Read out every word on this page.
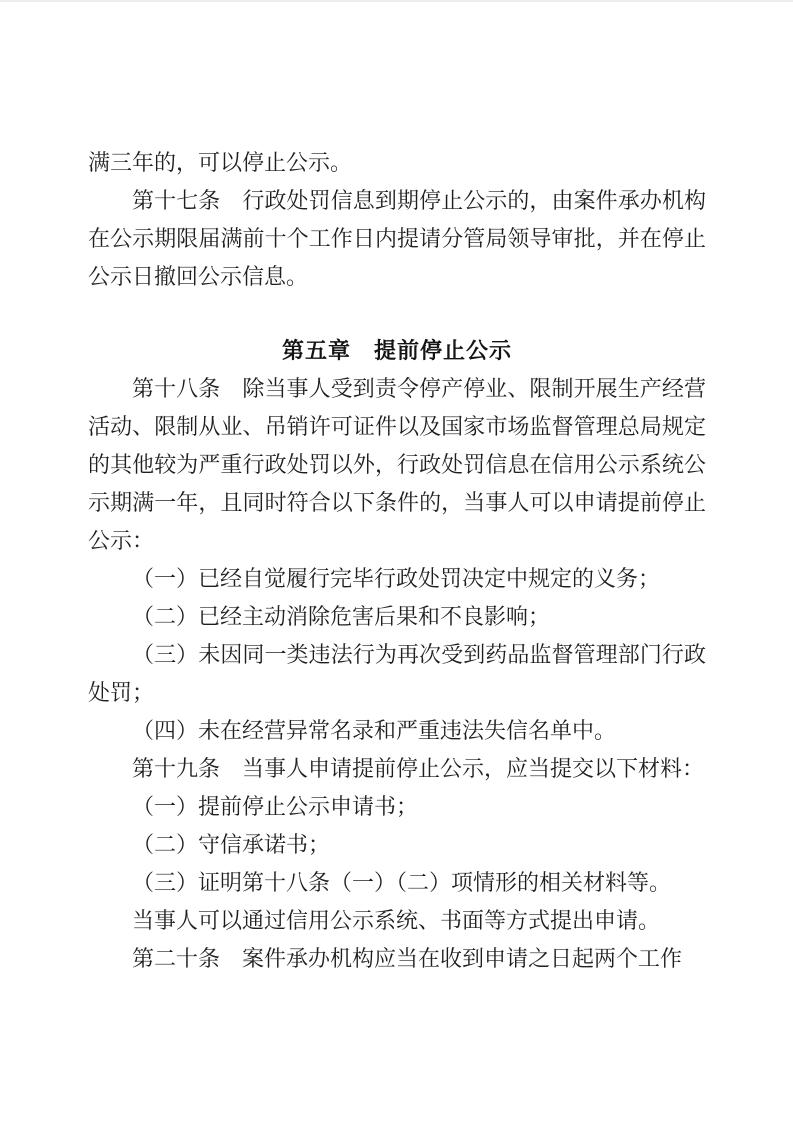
满三年的，可以停止公示。

第十七条　行政处罚信息到期停止公示的，由案件承办机构在公示期限届满前十个工作日内提请分管局领导审批，并在停止公示日撤回公示信息。

第五章　提前停止公示

第十八条　除当事人受到责令停产停业、限制开展生产经营活动、限制从业、吊销许可证件以及国家市场监督管理总局规定的其他较为严重行政处罚以外，行政处罚信息在信用公示系统公示期满一年，且同时符合以下条件的，当事人可以申请提前停止公示：

（一）已经自觉履行完毕行政处罚决定中规定的义务；

（二）已经主动消除危害后果和不良影响；

（三）未因同一类违法行为再次受到药品监督管理部门行政处罚；

（四）未在经营异常名录和严重违法失信名单中。

第十九条　当事人申请提前停止公示，应当提交以下材料：

（一）提前停止公示申请书；

（二）守信承诺书；

（三）证明第十八条（一）（二）项情形的相关材料等。

当事人可以通过信用公示系统、书面等方式提出申请。

第二十条　案件承办机构应当在收到申请之日起两个工作
